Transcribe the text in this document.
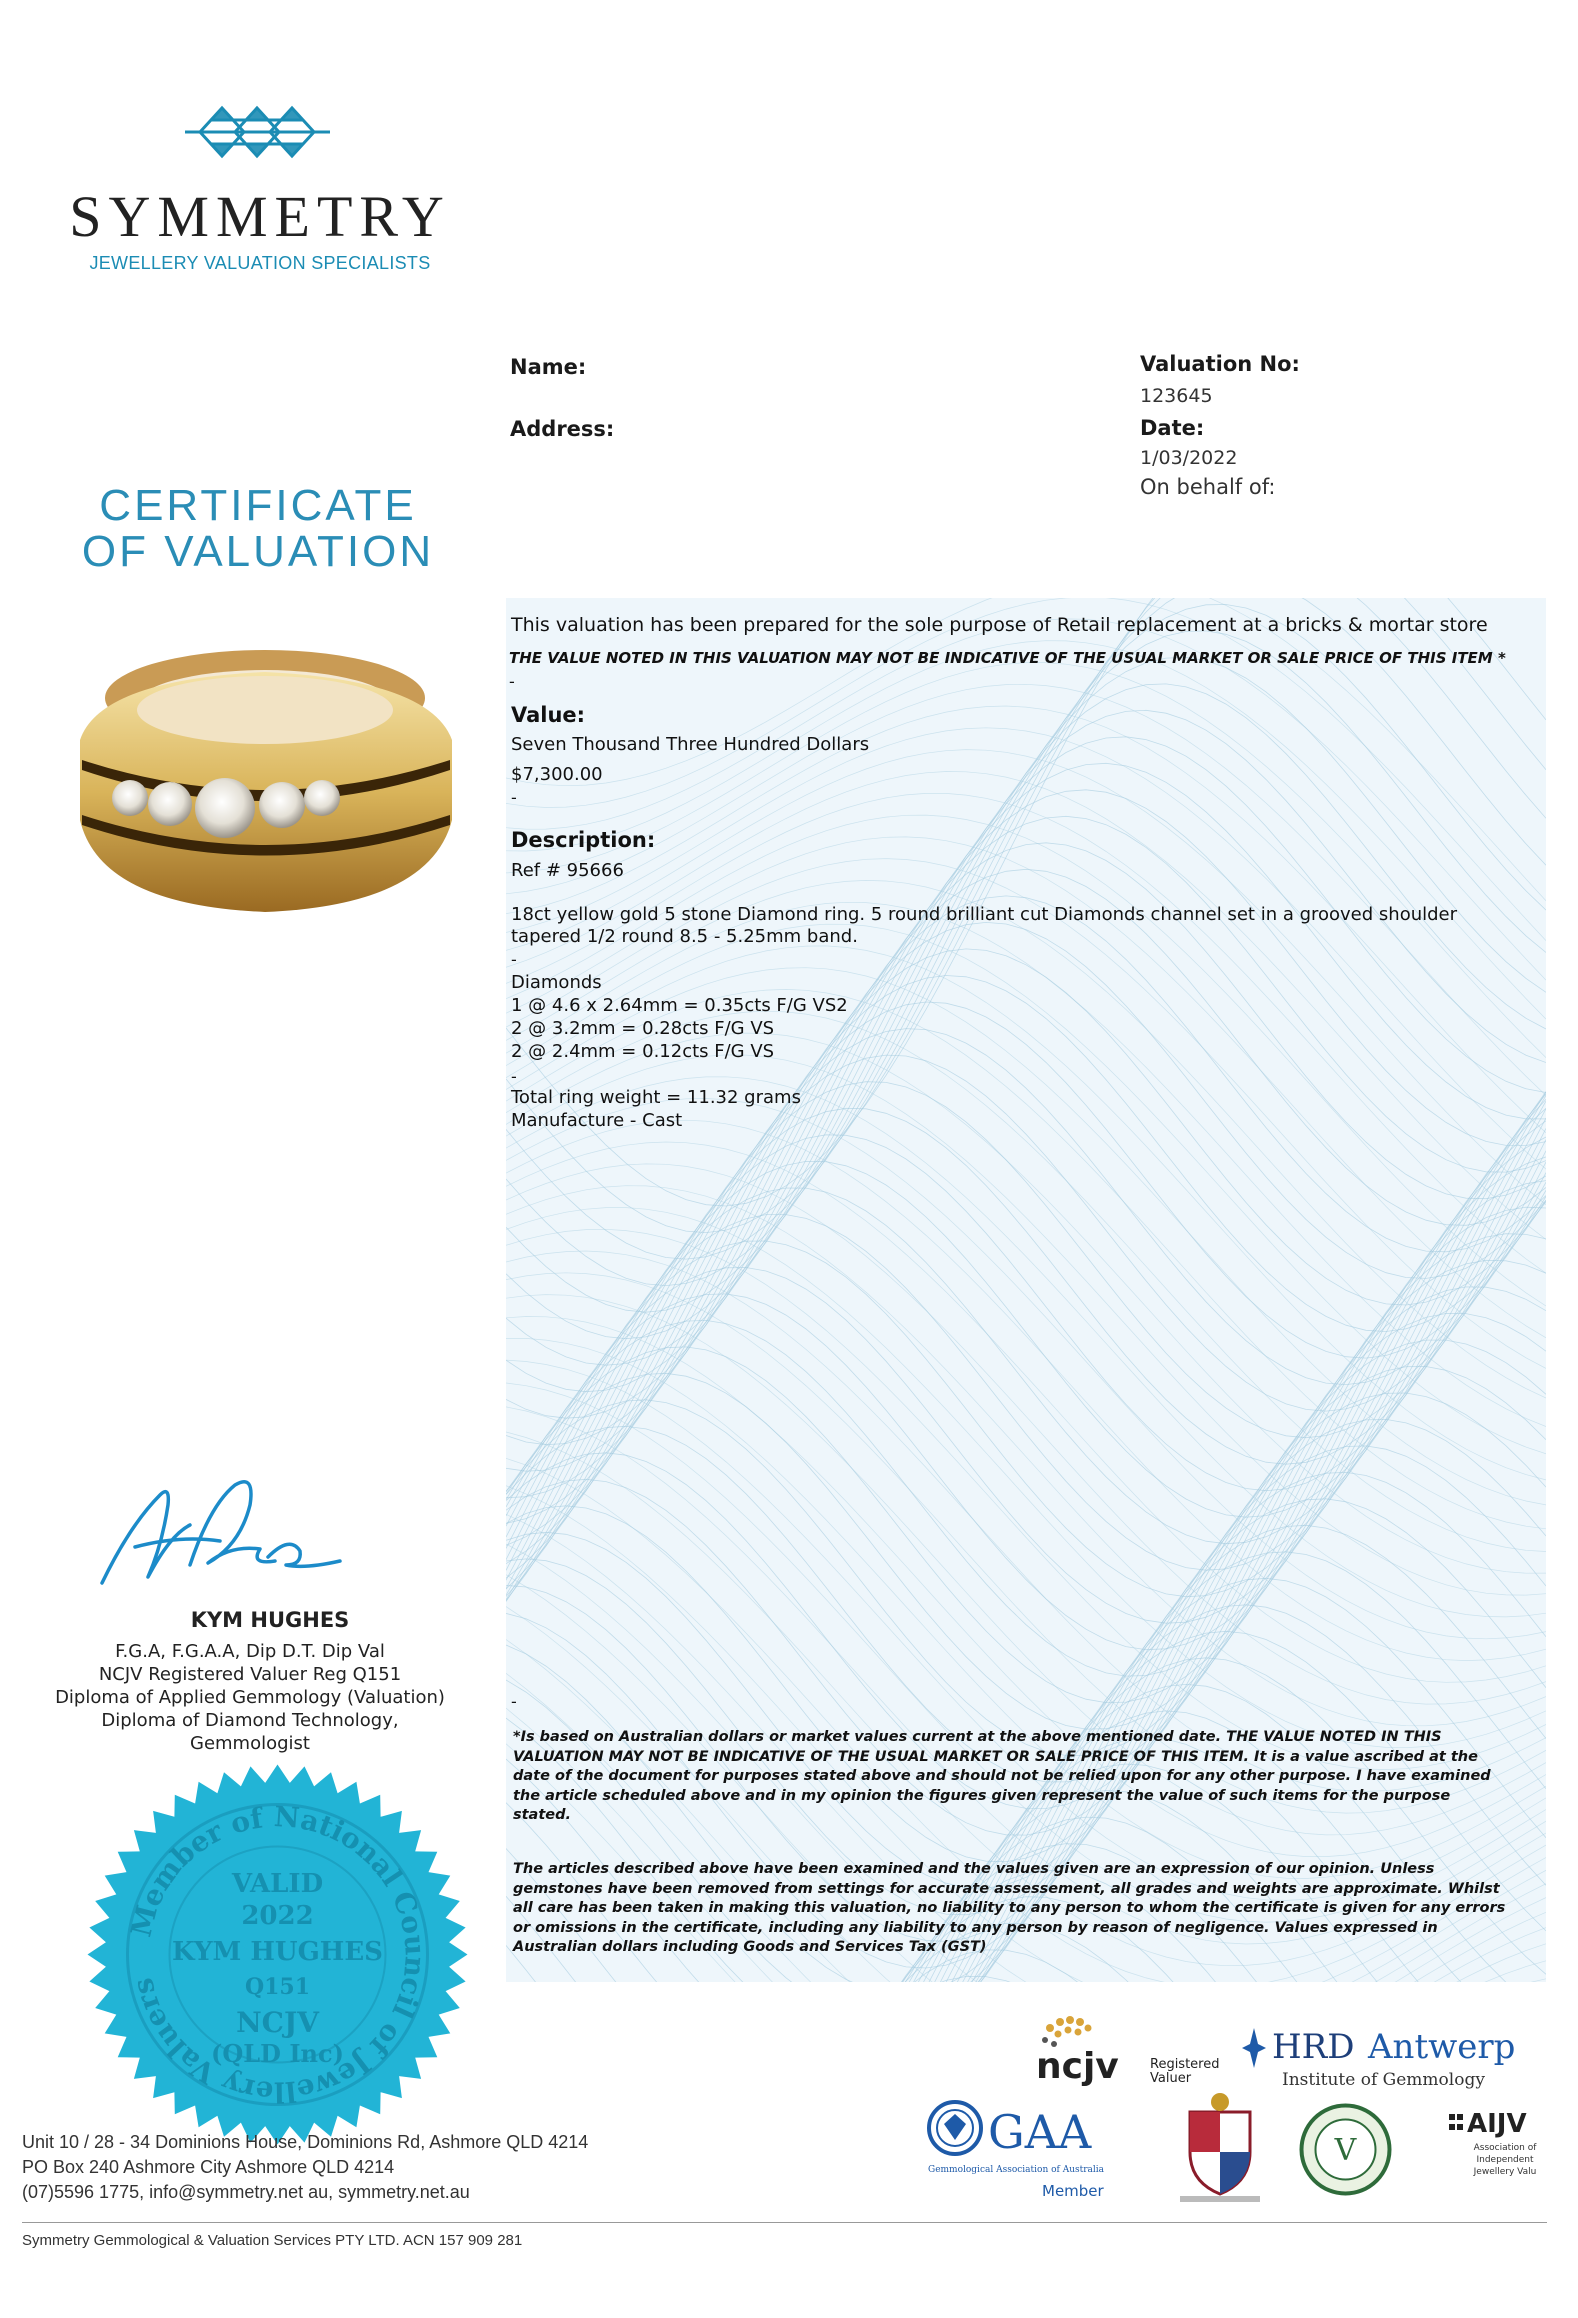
SYMMETRY
JEWELLERY VALUATION SPECIALISTS
CERTIFICATE
OF VALUATION
Name:
Address:
Valuation No:
123645
Date:
1/03/2022
On behalf of:
This valuation has been prepared for the sole purpose of Retail replacement at a bricks & mortar store
THE VALUE NOTED IN THIS VALUATION MAY NOT BE INDICATIVE OF THE USUAL MARKET OR SALE PRICE OF THIS ITEM *
-
Value:
Seven Thousand Three Hundred Dollars
$7,300.00
-
Description:
Ref # 95666
18ct yellow gold 5 stone Diamond ring. 5 round brilliant cut Diamonds channel set in a grooved shoulder tapered 1/2 round 8.5 - 5.25mm band.
-
Diamonds
1 @ 4.6 x 2.64mm = 0.35cts F/G VS2
2 @ 3.2mm = 0.28cts F/G VS
2 @ 2.4mm = 0.12cts F/G VS
-
Total ring weight = 11.32 grams
Manufacture - Cast
-
*Is based on Australian dollars or market values current at the above mentioned date. THE VALUE NOTED IN THIS VALUATION MAY NOT BE INDICATIVE OF THE USUAL MARKET OR SALE PRICE OF THIS ITEM. It is a value ascribed at the date of the document for purposes stated above and should not be relied upon for any other purpose. I have examined the article scheduled above and in my opinion the figures given represent the value of such items for the purpose stated.
The articles described above have been examined and the values given are an expression of our opinion. Unless gemstones have been removed from settings for accurate assessement, all grades and weights are approximate. Whilst all care has been taken in making this valuation, no liability to any person to whom the certificate is given for any errors or omissions in the certificate, including any liability to any person by reason of negligence. Values expressed in Australian dollars including Goods and Services Tax (GST)
KYM HUGHES
F.G.A, F.G.A.A, Dip D.T. Dip Val
NCJV Registered Valuer Reg Q151
Diploma of Applied Gemmology (Valuation)
Diploma of Diamond Technology,
Gemmologist
Member of National Council of Jewellery Valuers
VALID
2022
KYM HUGHES
Q151
NCJV
(QLD Inc)
Unit 10 / 28 - 34 Dominions House, Dominions Rd, Ashmore QLD 4214
PO Box 240 Ashmore City Ashmore QLD 4214
(07)5596 1775, info@symmetry.net au, symmetry.net.au
Symmetry Gemmological & Valuation Services PTY LTD. ACN 157 909 281
ncjv Registered
Valuer
HRD Antwerp
Institute of Gemmology
GAA
Gemmological Association of Australia
Member
V
AIJV
Association of
Independent
Jewellery Valu
